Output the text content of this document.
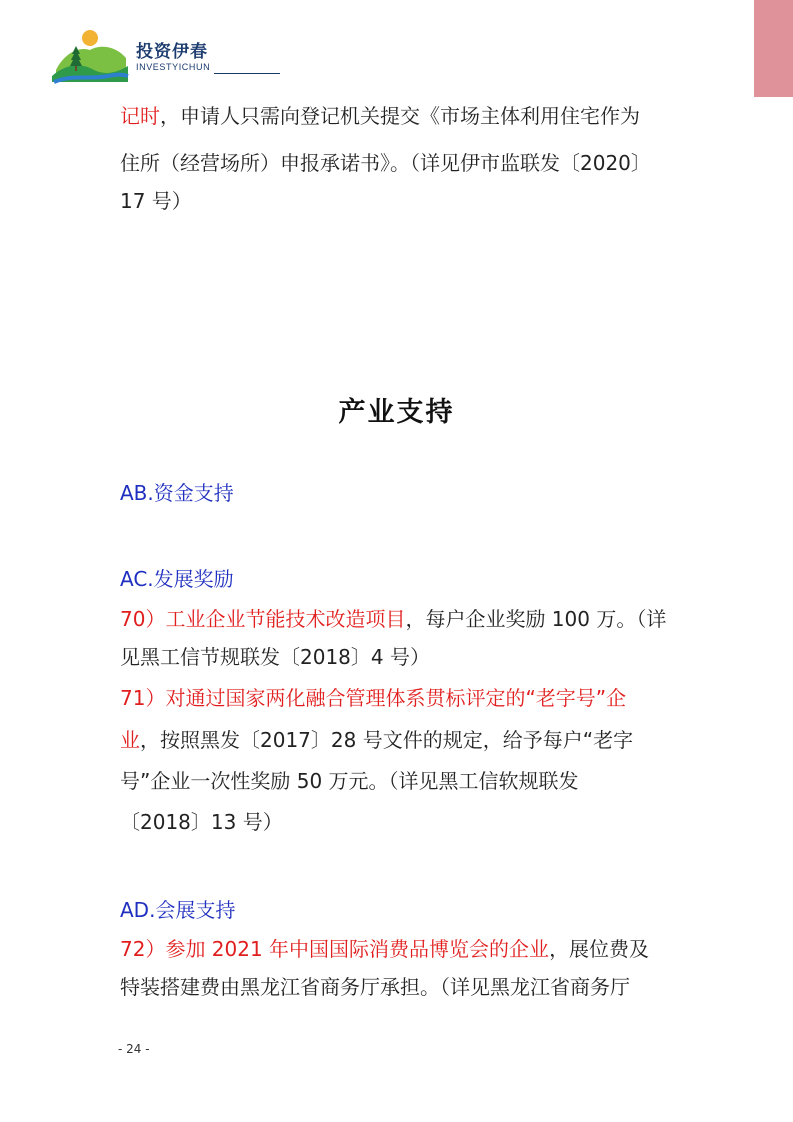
投资伊春
INVESTYICHUN
记时，申请人只需向登记机关提交《市场主体利用住宅作为
住所（经营场所）申报承诺书》。（详见伊市监联发〔2020〕
17 号）
产业支持
AB.资金支持
AC.发展奖励
70）工业企业节能技术改造项目，每户企业奖励 100 万。（详
见黑工信节规联发〔2018〕4 号）
71）对通过国家两化融合管理体系贯标评定的“老字号”企
业，按照黑发〔2017〕28 号文件的规定，给予每户“老字
号”企业一次性奖励 50 万元。（详见黑工信软规联发
〔2018〕13 号）
AD.会展支持
72）参加 2021 年中国国际消费品博览会的企业，展位费及
特装搭建费由黑龙江省商务厅承担。（详见黑龙江省商务厅
- 24 -
